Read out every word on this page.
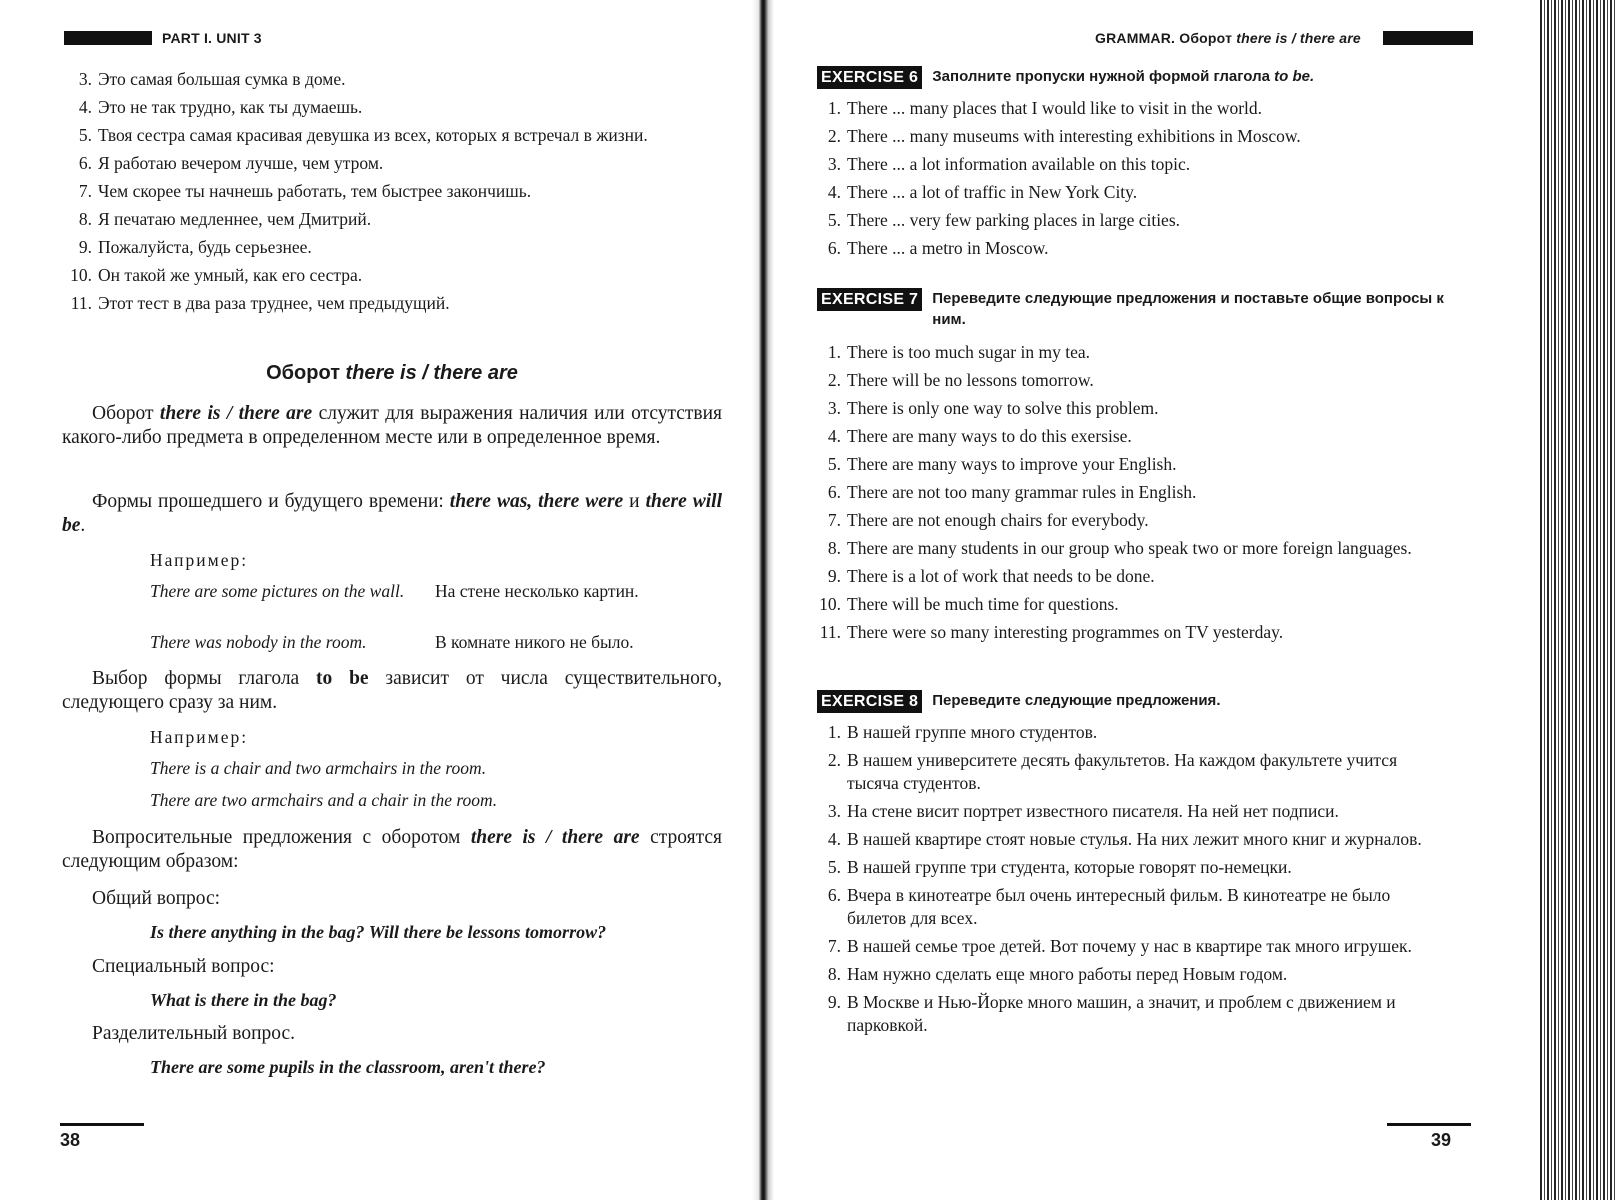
PART I. UNIT 3
3. Это самая большая сумка в доме.
4. Это не так трудно, как ты думаешь.
5. Твоя сестра самая красивая девушка из всех, которых я встречал в жизни.
6. Я работаю вечером лучше, чем утром.
7. Чем скорее ты начнешь работать, тем быстрее закончишь.
8. Я печатаю медленнее, чем Дмитрий.
9. Пожалуйста, будь серьезнее.
10. Он такой же умный, как его сестра.
11. Этот тест в два раза труднее, чем предыдущий.
Оборот there is / there are
Оборот there is / there are служит для выражения наличия или отсутствия какого-либо предмета в определенном месте или в определенное время.
Формы прошедшего и будущего времени: there was, there were и there will be.
Например:
There are some pictures on the wall.	На стене несколько картин.
There was nobody in the room.	В комнате никого не было.
Выбор формы глагола to be зависит от числа существительного, следующего сразу за ним.
Например:
There is a chair and two armchairs in the room.
There are two armchairs and a chair in the room.
Вопросительные предложения с оборотом there is / there are строятся следующим образом:
Общий вопрос:
Is there anything in the bag? Will there be lessons tomorrow?
Специальный вопрос:
What is there in the bag?
Разделительный вопрос.
There are some pupils in the classroom, aren't there?
38
GRAMMAR. Оборот there is / there are
EXERCISE 6 Заполните пропуски нужной формой глагола to be.
1. There ... many places that I would like to visit in the world.
2. There ... many museums with interesting exhibitions in Moscow.
3. There ... a lot information available on this topic.
4. There ... a lot of traffic in New York City.
5. There ... very few parking places in large cities.
6. There ... a metro in Moscow.
EXERCISE 7 Переведите следующие предложения и поставьте общие вопросы к ним.
1. There is too much sugar in my tea.
2. There will be no lessons tomorrow.
3. There is only one way to solve this problem.
4. There are many ways to do this exersise.
5. There are many ways to improve your English.
6. There are not too many grammar rules in English.
7. There are not enough chairs for everybody.
8. There are many students in our group who speak two or more foreign languages.
9. There is a lot of work that needs to be done.
10. There will be much time for questions.
11. There were so many interesting programmes on TV yesterday.
EXERCISE 8 Переведите следующие предложения.
1. В нашей группе много студентов.
2. В нашем университете десять факультетов. На каждом факультете учится тысяча студентов.
3. На стене висит портрет известного писателя. На ней нет подписи.
4. В нашей квартире стоят новые стулья. На них лежит много книг и журналов.
5. В нашей группе три студента, которые говорят по-немецки.
6. Вчера в кинотеатре был очень интересный фильм. В кинотеатре не было билетов для всех.
7. В нашей семье трое детей. Вот почему у нас в квартире так много игрушек.
8. Нам нужно сделать еще много работы перед Новым годом.
9. В Москве и Нью-Йорке много машин, а значит, и проблем с движением и парковкой.
39
